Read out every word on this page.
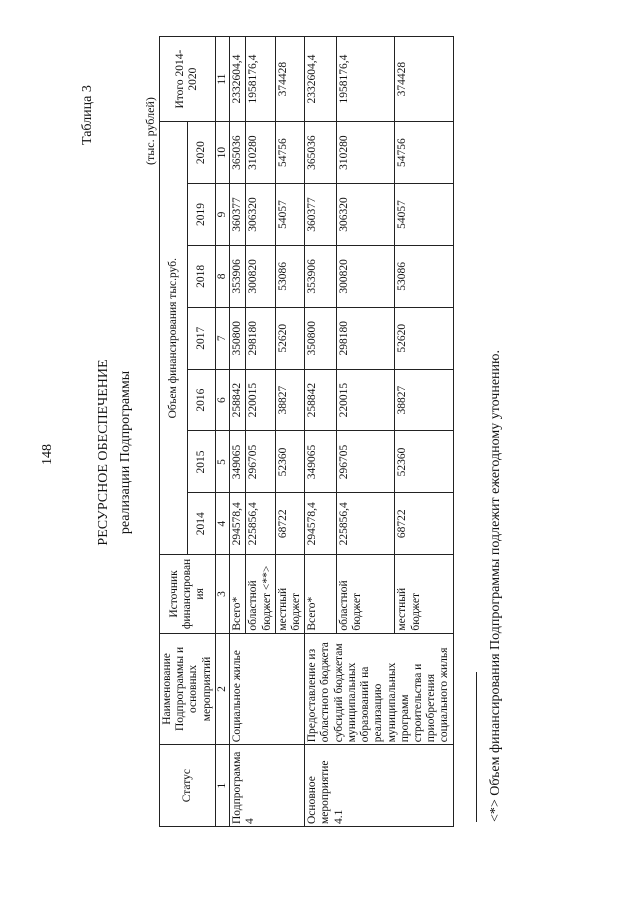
148
Таблица 3
РЕСУРСНОЕ ОБЕСПЕЧЕНИЕ реализации Подпрограммы
(тыс. рублей)
Статус	Наименование Подпрограммы и основных мероприятий	Источник финансирован ия	Объем финансирования тыс.руб.							Итого 2014-2020
			2014	2015	2016	2017	2018	2019	2020	
1	2	3	4	5	6	7	8	9	10	11
Подпрограмма 4	Социальное жилье	Всего*	294578,4	349065	258842	350800	353906	360377	365036	2332604,4
		областной бюджет <**>	225856,4	296705	220015	298180	300820	306320	310280	1958176,4
		местный бюджет	68722	52360	38827	52620	53086	54057	54756	374428
Основное мероприятие 4.1	Предоставление из областного бюджета субсидий бюджетам муниципальных образований на реализацию муниципальных программ строительства и приобретения социального жилья	Всего*	294578,4	349065	258842	350800	353906	360377	365036	2332604,4
		областной бюджет	225856,4	296705	220015	298180	300820	306320	310280	1958176,4
		местный бюджет	68722	52360	38827	52620	53086	54057	54756	374428
<*> Объем финансирования Подпрограммы подлежит ежегодному уточнению.
